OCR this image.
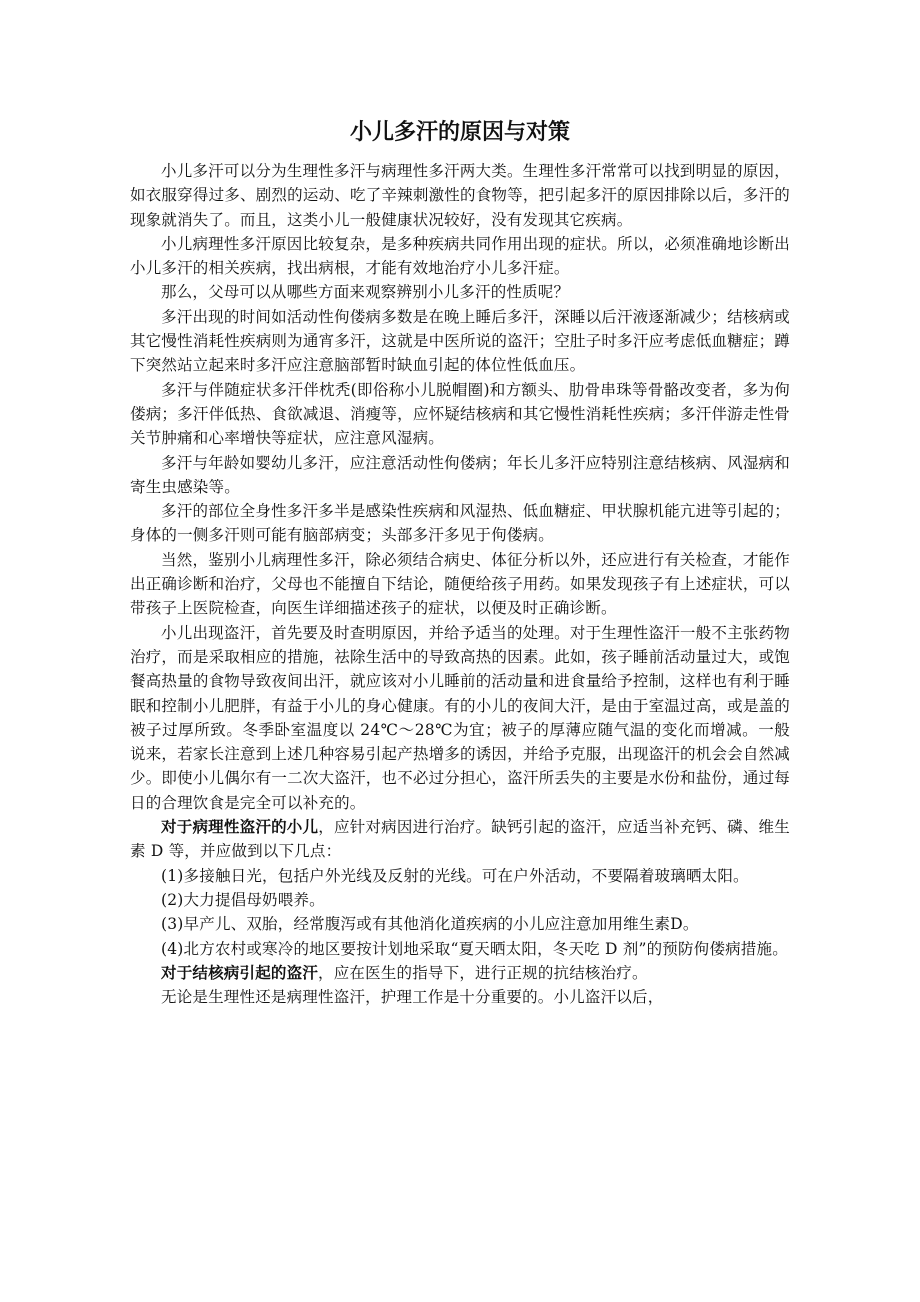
小儿多汗的原因与对策

小儿多汗可以分为生理性多汗与病理性多汗两大类。生理性多汗常常可以找到明显的原因，如衣服穿得过多、剧烈的运动、吃了辛辣刺激性的食物等，把引起多汗的原因排除以后，多汗的现象就消失了。而且，这类小儿一般健康状况较好，没有发现其它疾病。

小儿病理性多汗原因比较复杂，是多种疾病共同作用出现的症状。所以，必须准确地诊断出小儿多汗的相关疾病，找出病根，才能有效地治疗小儿多汗症。

那么，父母可以从哪些方面来观察辨别小儿多汗的性质呢？

多汗出现的时间如活动性佝偻病多数是在晚上睡后多汗，深睡以后汗液逐渐减少；结核病或其它慢性消耗性疾病则为通宵多汗，这就是中医所说的盗汗；空肚子时多汗应考虑低血糖症；蹲下突然站立起来时多汗应注意脑部暂时缺血引起的体位性低血压。

多汗与伴随症状多汗伴枕秃(即俗称小儿脱帽圈)和方额头、肋骨串珠等骨骼改变者，多为佝偻病；多汗伴低热、食欲减退、消瘦等，应怀疑结核病和其它慢性消耗性疾病；多汗伴游走性骨关节肿痛和心率增快等症状，应注意风湿病。

多汗与年龄如婴幼儿多汗，应注意活动性佝偻病；年长儿多汗应特别注意结核病、风湿病和寄生虫感染等。

多汗的部位全身性多汗多半是感染性疾病和风湿热、低血糖症、甲状腺机能亢进等引起的；身体的一侧多汗则可能有脑部病变；头部多汗多见于佝偻病。

当然，鉴别小儿病理性多汗，除必须结合病史、体征分析以外，还应进行有关检查，才能作出正确诊断和治疗，父母也不能擅自下结论，随便给孩子用药。如果发现孩子有上述症状，可以带孩子上医院检查，向医生详细描述孩子的症状，以便及时正确诊断。

小儿出现盗汗，首先要及时查明原因，并给予适当的处理。对于生理性盗汗一般不主张药物治疗，而是采取相应的措施，祛除生活中的导致高热的因素。此如，孩子睡前活动量过大，或饱餐高热量的食物导致夜间出汗，就应该对小儿睡前的活动量和进食量给予控制，这样也有利于睡眠和控制小儿肥胖，有益于小儿的身心健康。有的小儿的夜间大汗，是由于室温过高，或是盖的被子过厚所致。冬季卧室温度以 24℃～28℃为宜；被子的厚薄应随气温的变化而增减。一般说来，若家长注意到上述几种容易引起产热增多的诱因，并给予克服，出现盗汗的机会会自然减少。即使小儿偶尔有一二次大盗汗，也不必过分担心，盗汗所丢失的主要是水份和盐份，通过每日的合理饮食是完全可以补充的。

对于病理性盗汗的小儿，应针对病因进行治疗。缺钙引起的盗汗，应适当补充钙、磷、维生素 D 等，并应做到以下几点：

(1)多接触日光，包括户外光线及反射的光线。可在户外活动，不要隔着玻璃晒太阳。

(2)大力提倡母奶喂养。

(3)早产儿、双胎，经常腹泻或有其他消化道疾病的小儿应注意加用维生素D。

(4)北方农村或寒冷的地区要按计划地采取“夏天晒太阳，冬天吃 D 剂”的预防佝偻病措施。

对于结核病引起的盗汗，应在医生的指导下，进行正规的抗结核治疗。

无论是生理性还是病理性盗汗，护理工作是十分重要的。小儿盗汗以后，
